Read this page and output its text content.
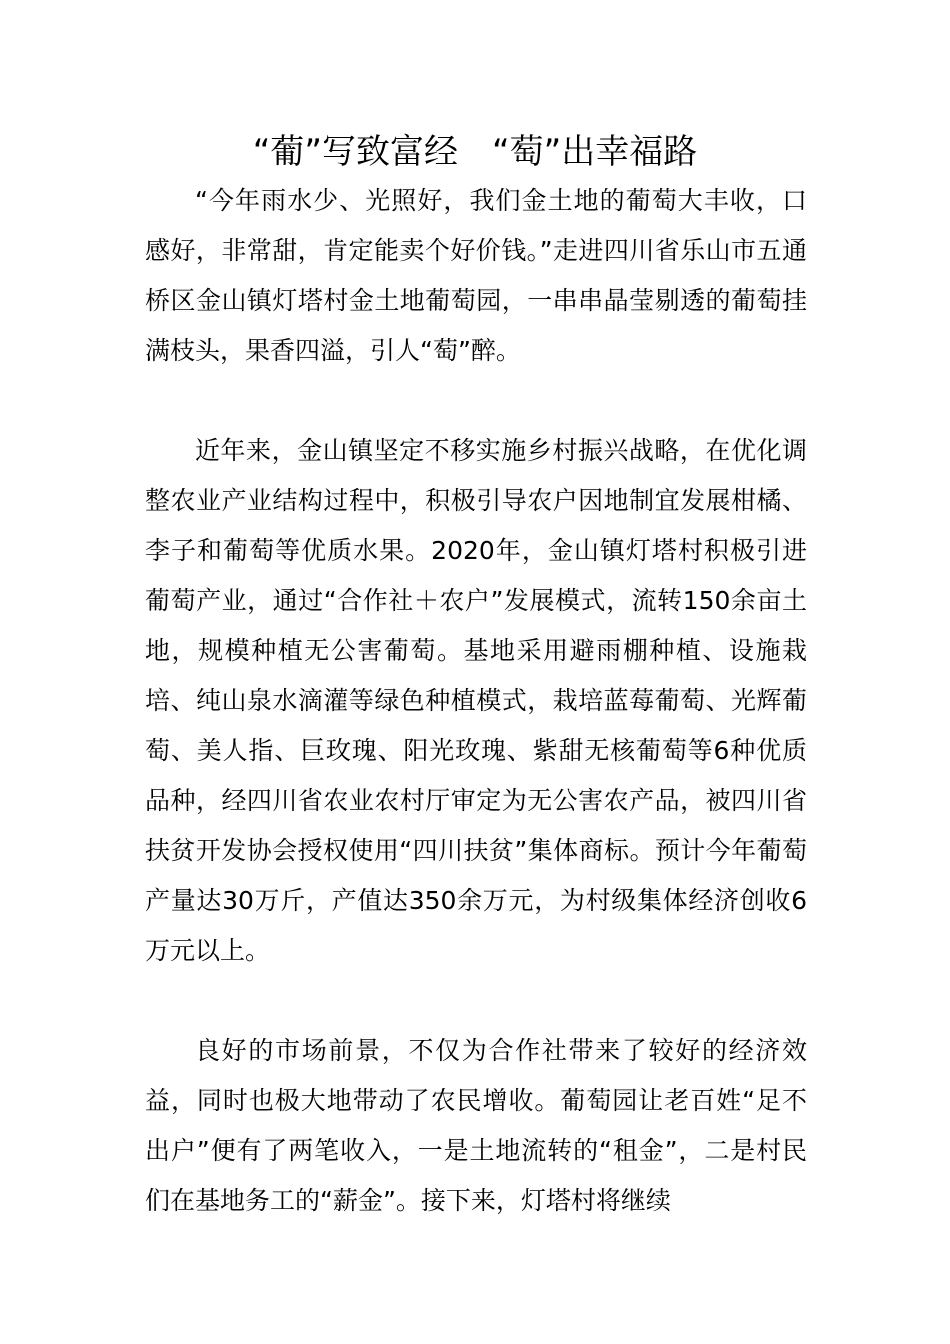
“葡”写致富经　“萄”出幸福路

“今年雨水少、光照好，我们金土地的葡萄大丰收，口感好，非常甜，肯定能卖个好价钱。”走进四川省乐山市五通桥区金山镇灯塔村金土地葡萄园，一串串晶莹剔透的葡萄挂满枝头，果香四溢，引人“萄”醉。

近年来，金山镇坚定不移实施乡村振兴战略，在优化调整农业产业结构过程中，积极引导农户因地制宜发展柑橘、李子和葡萄等优质水果。2020年，金山镇灯塔村积极引进葡萄产业，通过“合作社＋农户”发展模式，流转150余亩土地，规模种植无公害葡萄。基地采用避雨棚种植、设施栽培、纯山泉水滴灌等绿色种植模式，栽培蓝莓葡萄、光辉葡萄、美人指、巨玫瑰、阳光玫瑰、紫甜无核葡萄等6种优质品种，经四川省农业农村厅审定为无公害农产品，被四川省扶贫开发协会授权使用“四川扶贫”集体商标。预计今年葡萄产量达30万斤，产值达350余万元，为村级集体经济创收6万元以上。

良好的市场前景，不仅为合作社带来了较好的经济效益，同时也极大地带动了农民增收。葡萄园让老百姓“足不出户”便有了两笔收入，一是土地流转的“租金”，二是村民们在基地务工的“薪金”。接下来，灯塔村将继续
